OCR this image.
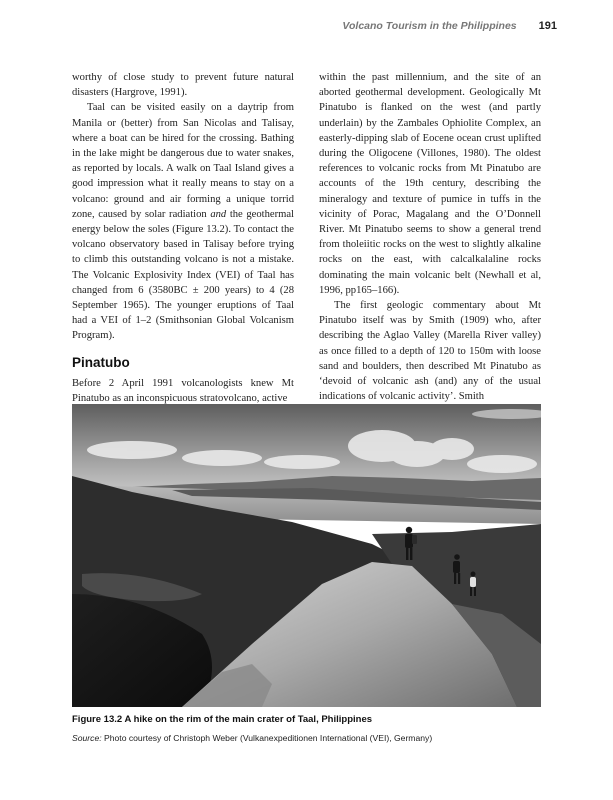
Volcano Tourism in the Philippines 191

worthy of close study to prevent future natural disasters (Hargrove, 1991).

Taal can be visited easily on a daytrip from Manila or (better) from San Nicolas and Talisay, where a boat can be hired for the crossing. Bathing in the lake might be dangerous due to water snakes, as reported by locals. A walk on Taal Island gives a good impression what it really means to stay on a volcano: ground and air forming a unique torrid zone, caused by solar radiation and the geothermal energy below the soles (Figure 13.2). To contact the volcano observatory based in Talisay before trying to climb this outstanding volcano is not a mistake. The Volcanic Explosivity Index (VEI) of Taal has changed from 6 (3580BC ± 200 years) to 4 (28 September 1965). The younger eruptions of Taal had a VEI of 1–2 (Smithsonian Global Volcanism Program).

Pinatubo

Before 2 April 1991 volcanologists knew Mt Pinatubo as an inconspicuous stratovolcano, active

within the past millennium, and the site of an aborted geothermal development. Geologically Mt Pinatubo is flanked on the west (and partly underlain) by the Zambales Ophiolite Complex, an easterly-dipping slab of Eocene ocean crust uplifted during the Oligocene (Villones, 1980). The oldest references to volcanic rocks from Mt Pinatubo are accounts of the 19th century, describing the mineralogy and texture of pumice in tuffs in the vicinity of Porac, Magalang and the O’Donnell River. Mt Pinatubo seems to show a general trend from tholeiitic rocks on the west to slightly alkaline rocks on the east, with calcalkalaline rocks dominating the main volcanic belt (Newhall et al, 1996, pp165–166).

The first geologic commentary about Mt Pinatubo itself was by Smith (1909) who, after describing the Aglao Valley (Marella River valley) as once filled to a depth of 120 to 150m with loose sand and boulders, then described Mt Pinatubo as ‘devoid of volcanic ash (and) any of the usual indications of volcanic activity’. Smith

Figure 13.2 A hike on the rim of the main crater of Taal, Philippines
Source: Photo courtesy of Christoph Weber (Vulkanexpeditionen International (VEI), Germany)
